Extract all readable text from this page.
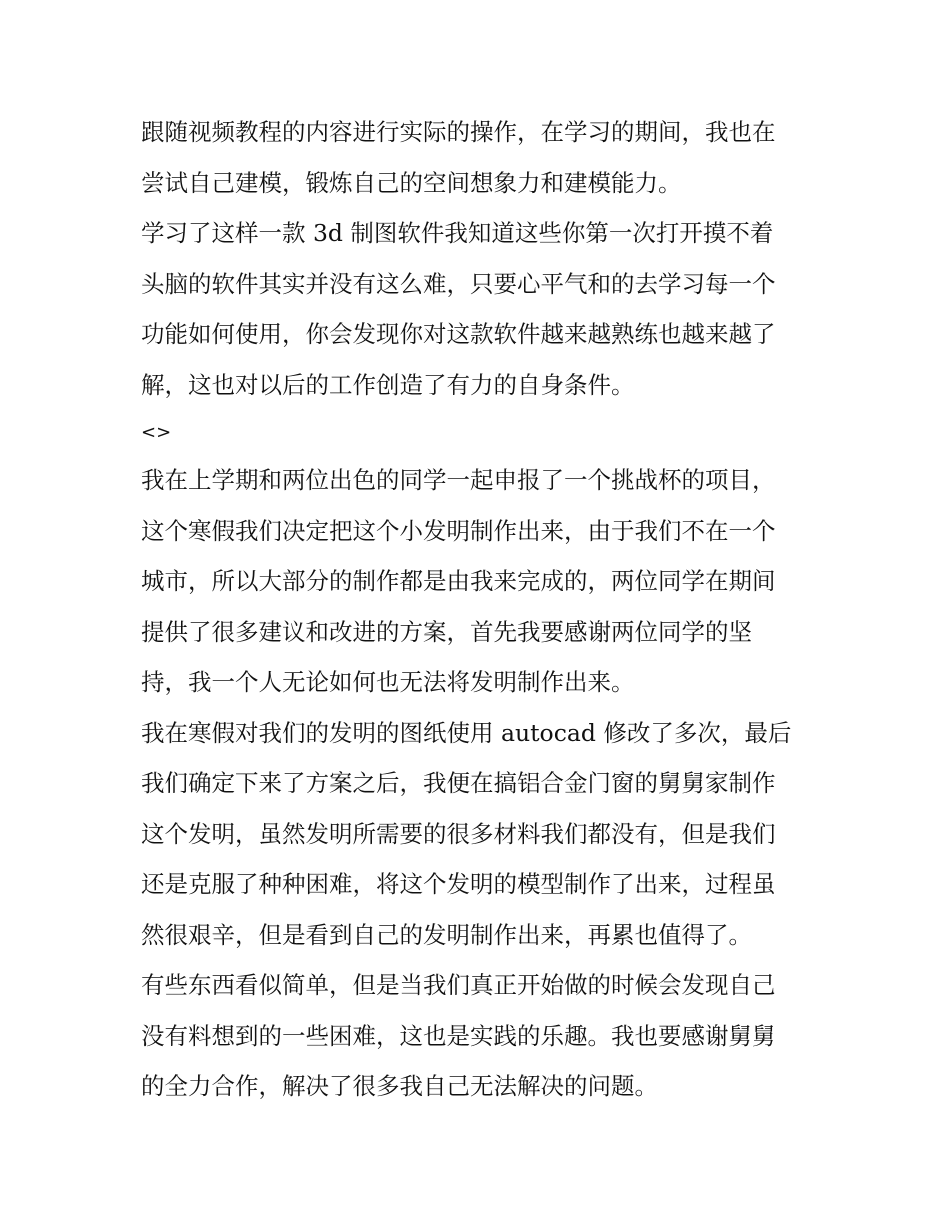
跟随视频教程的内容进行实际的操作，在学习的期间，我也在
尝试自己建模，锻炼自己的空间想象力和建模能力。

学习了这样一款 3d 制图软件我知道这些你第一次打开摸不着
头脑的软件其实并没有这么难，只要心平气和的去学习每一个
功能如何使用，你会发现你对这款软件越来越熟练也越来越了
解，这也对以后的工作创造了有力的自身条件。

<>

我在上学期和两位出色的同学一起申报了一个挑战杯的项目，
这个寒假我们决定把这个小发明制作出来，由于我们不在一个
城市，所以大部分的制作都是由我来完成的，两位同学在期间
提供了很多建议和改进的方案，首先我要感谢两位同学的坚
持，我一个人无论如何也无法将发明制作出来。

我在寒假对我们的发明的图纸使用 autocad 修改了多次，最后
我们确定下来了方案之后，我便在搞铝合金门窗的舅舅家制作
这个发明，虽然发明所需要的很多材料我们都没有，但是我们
还是克服了种种困难，将这个发明的模型制作了出来，过程虽
然很艰辛，但是看到自己的发明制作出来，再累也值得了。

有些东西看似简单，但是当我们真正开始做的时候会发现自己
没有料想到的一些困难，这也是实践的乐趣。我也要感谢舅舅
的全力合作，解决了很多我自己无法解决的问题。
